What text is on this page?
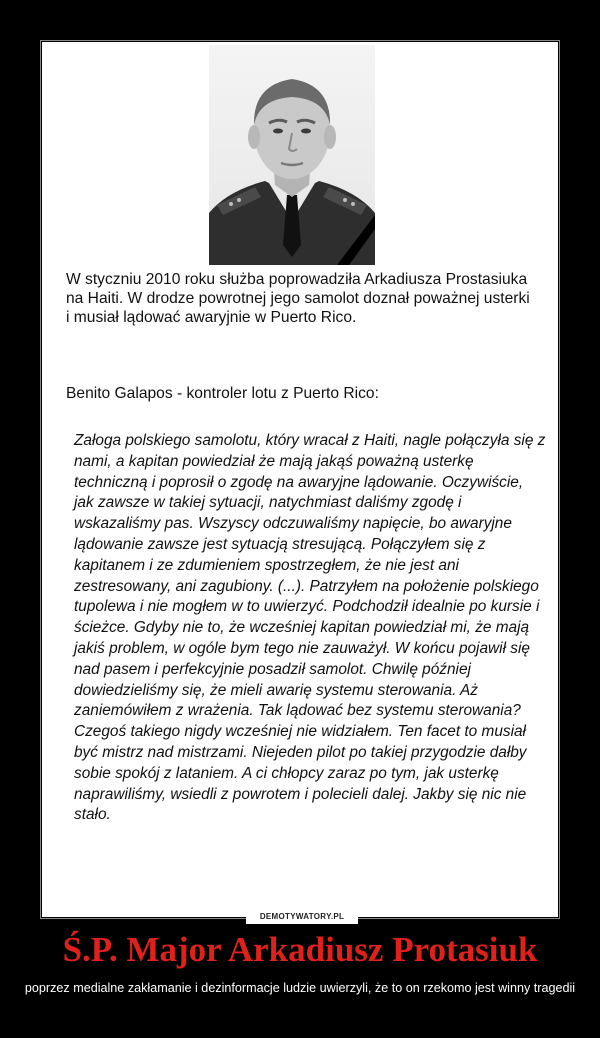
W styczniu 2010 roku służba poprowadziła Arkadiusza Prostasiuka na Haiti. W drodze powrotnej jego samolot doznał poważnej usterki i musiał lądować awaryjnie w Puerto Rico.

Benito Galapos - kontroler lotu z Puerto Rico:

Załoga polskiego samolotu, który wracał z Haiti, nagle połączyła się z nami, a kapitan powiedział że mają jakąś poważną usterkę techniczną i poprosił o zgodę na awaryjne lądowanie. Oczywiście, jak zawsze w takiej sytuacji, natychmiast daliśmy zgodę i wskazaliśmy pas. Wszyscy odczuwaliśmy napięcie, bo awaryjne lądowanie zawsze jest sytuacją stresującą. Połączyłem się z kapitanem i ze zdumieniem spostrzegłem, że nie jest ani zestresowany, ani zagubiony. (...). Patrzyłem na położenie polskiego tupolewa i nie mogłem w to uwierzyć. Podchodził idealnie po kursie i ścieżce. Gdyby nie to, że wcześniej kapitan powiedział mi, że mają jakiś problem, w ogóle bym tego nie zauważył. W końcu pojawił się nad pasem i perfekcyjnie posadził samolot. Chwilę później dowiedzieliśmy się, że mieli awarię systemu sterowania. Aż zaniemówiłem z wrażenia. Tak lądować bez systemu sterowania? Czegoś takiego nigdy wcześniej nie widziałem. Ten facet to musiał być mistrz nad mistrzami. Niejeden pilot po takiej przygodzie dałby sobie spokój z lataniem. A ci chłopcy zaraz po tym, jak usterkę naprawiliśmy, wsiedli z powrotem i polecieli dalej. Jakby się nic nie stało.

DEMOTYWATORY.PL
Ś.P. Major Arkadiusz Protasiuk

poprzez medialne zakłamanie i dezinformacje ludzie uwierzyli, że to on rzekomo jest winny tragedii
